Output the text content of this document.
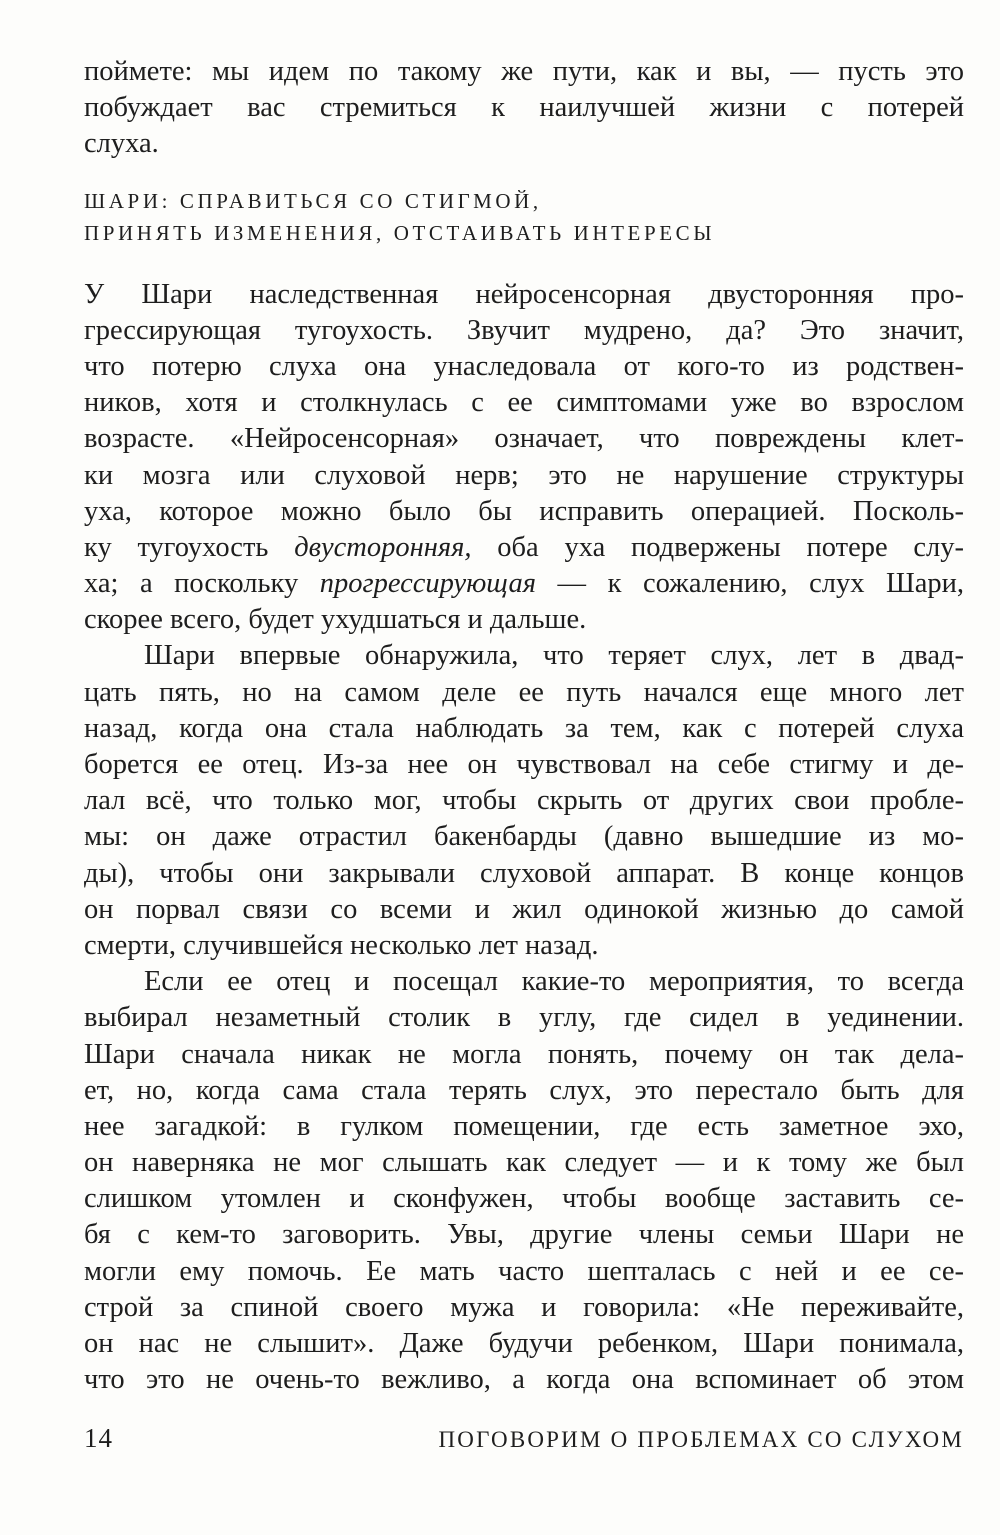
поймете: мы идем по такому же пути, как и вы, — пусть это
побуждает вас стремиться к наилучшей жизни с потерей
слуха.
ШАРИ: СПРАВИТЬСЯ СО СТИГМОЙ,
ПРИНЯТЬ ИЗМЕНЕНИЯ, ОТСТАИВАТЬ ИНТЕРЕСЫ
У Шари наследственная нейросенсорная двусторонняя про-
грессирующая тугоухость. Звучит мудрено, да? Это значит,
что потерю слуха она унаследовала от кого-то из родствен-
ников, хотя и столкнулась с ее симптомами уже во взрослом
возрасте. «Нейросенсорная» означает, что повреждены клет-
ки мозга или слуховой нерв; это не нарушение структуры
уха, которое можно было бы исправить операцией. Посколь-
ку тугоухость двусторонняя, оба уха подвержены потере слу-
ха; а поскольку прогрессирующая — к сожалению, слух Шари,
скорее всего, будет ухудшаться и дальше.
Шари впервые обнаружила, что теряет слух, лет в двад-
цать пять, но на самом деле ее путь начался еще много лет
назад, когда она стала наблюдать за тем, как с потерей слуха
борется ее отец. Из-за нее он чувствовал на себе стигму и де-
лал всё, что только мог, чтобы скрыть от других свои пробле-
мы: он даже отрастил бакенбарды (давно вышедшие из мо-
ды), чтобы они закрывали слуховой аппарат. В конце концов
он порвал связи со всеми и жил одинокой жизнью до самой
смерти, случившейся несколько лет назад.
Если ее отец и посещал какие-то мероприятия, то всегда
выбирал незаметный столик в углу, где сидел в уединении.
Шари сначала никак не могла понять, почему он так дела-
ет, но, когда сама стала терять слух, это перестало быть для
нее загадкой: в гулком помещении, где есть заметное эхо,
он наверняка не мог слышать как следует — и к тому же был
слишком утомлен и сконфужен, чтобы вообще заставить се-
бя с кем-то заговорить. Увы, другие члены семьи Шари не
могли ему помочь. Ее мать часто шепталась с ней и ее се-
строй за спиной своего мужа и говорила: «Не переживайте,
он нас не слышит». Даже будучи ребенком, Шари понимала,
что это не очень-то вежливо, а когда она вспоминает об этом
14	ПОГОВОРИМ О ПРОБЛЕМАХ СО СЛУХОМ
